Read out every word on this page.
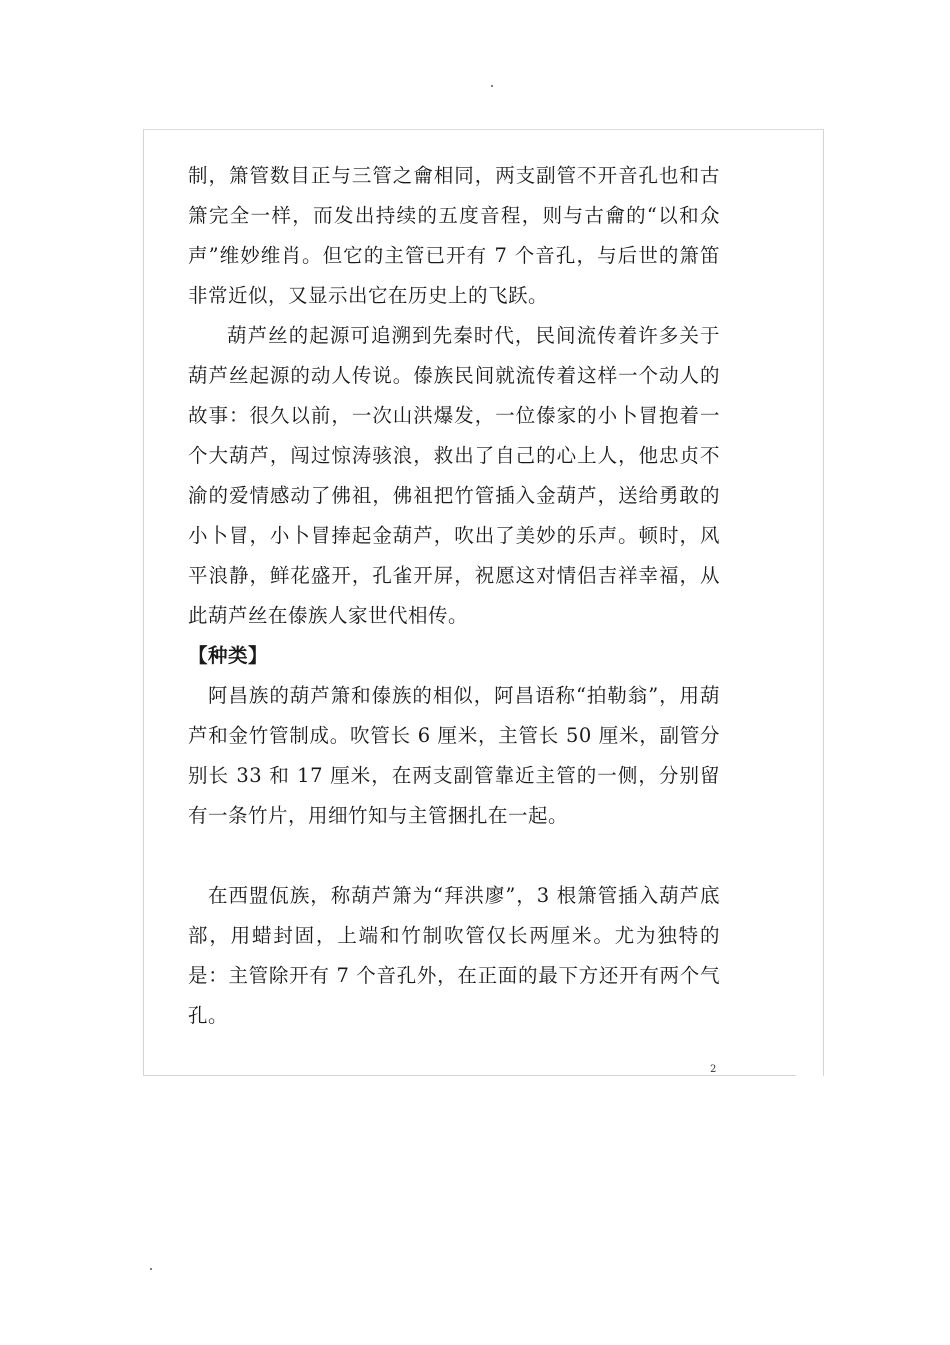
制，箫管数目正与三管之龠相同，两支副管不开音孔也和古箫完全一样，而发出持续的五度音程，则与古龠的“以和众声”维妙维肖。但它的主管已开有 7 个音孔，与后世的箫笛非常近似，又显示出它在历史上的飞跃。

葫芦丝的起源可追溯到先秦时代，民间流传着许多关于葫芦丝起源的动人传说。傣族民间就流传着这样一个动人的故事：很久以前，一次山洪爆发，一位傣家的小卜冒抱着一个大葫芦，闯过惊涛骇浪，救出了自己的心上人，他忠贞不渝的爱情感动了佛祖，佛祖把竹管插入金葫芦，送给勇敢的小卜冒，小卜冒捧起金葫芦，吹出了美妙的乐声。顿时，风平浪静，鲜花盛开，孔雀开屏，祝愿这对情侣吉祥幸福，从此葫芦丝在傣族人家世代相传。

【种类】

阿昌族的葫芦箫和傣族的相似，阿昌语称“拍勒翁”，用葫芦和金竹管制成。吹管长 6 厘米，主管长 50 厘米，副管分别长 33 和 17 厘米，在两支副管靠近主管的一侧，分别留有一条竹片，用细竹知与主管捆扎在一起。

在西盟佤族，称葫芦箫为“拜洪廖”，3 根箫管插入葫芦底部，用蜡封固，上端和竹制吹管仅长两厘米。尤为独特的是：主管除开有 7 个音孔外，在正面的最下方还开有两个气孔。

2
